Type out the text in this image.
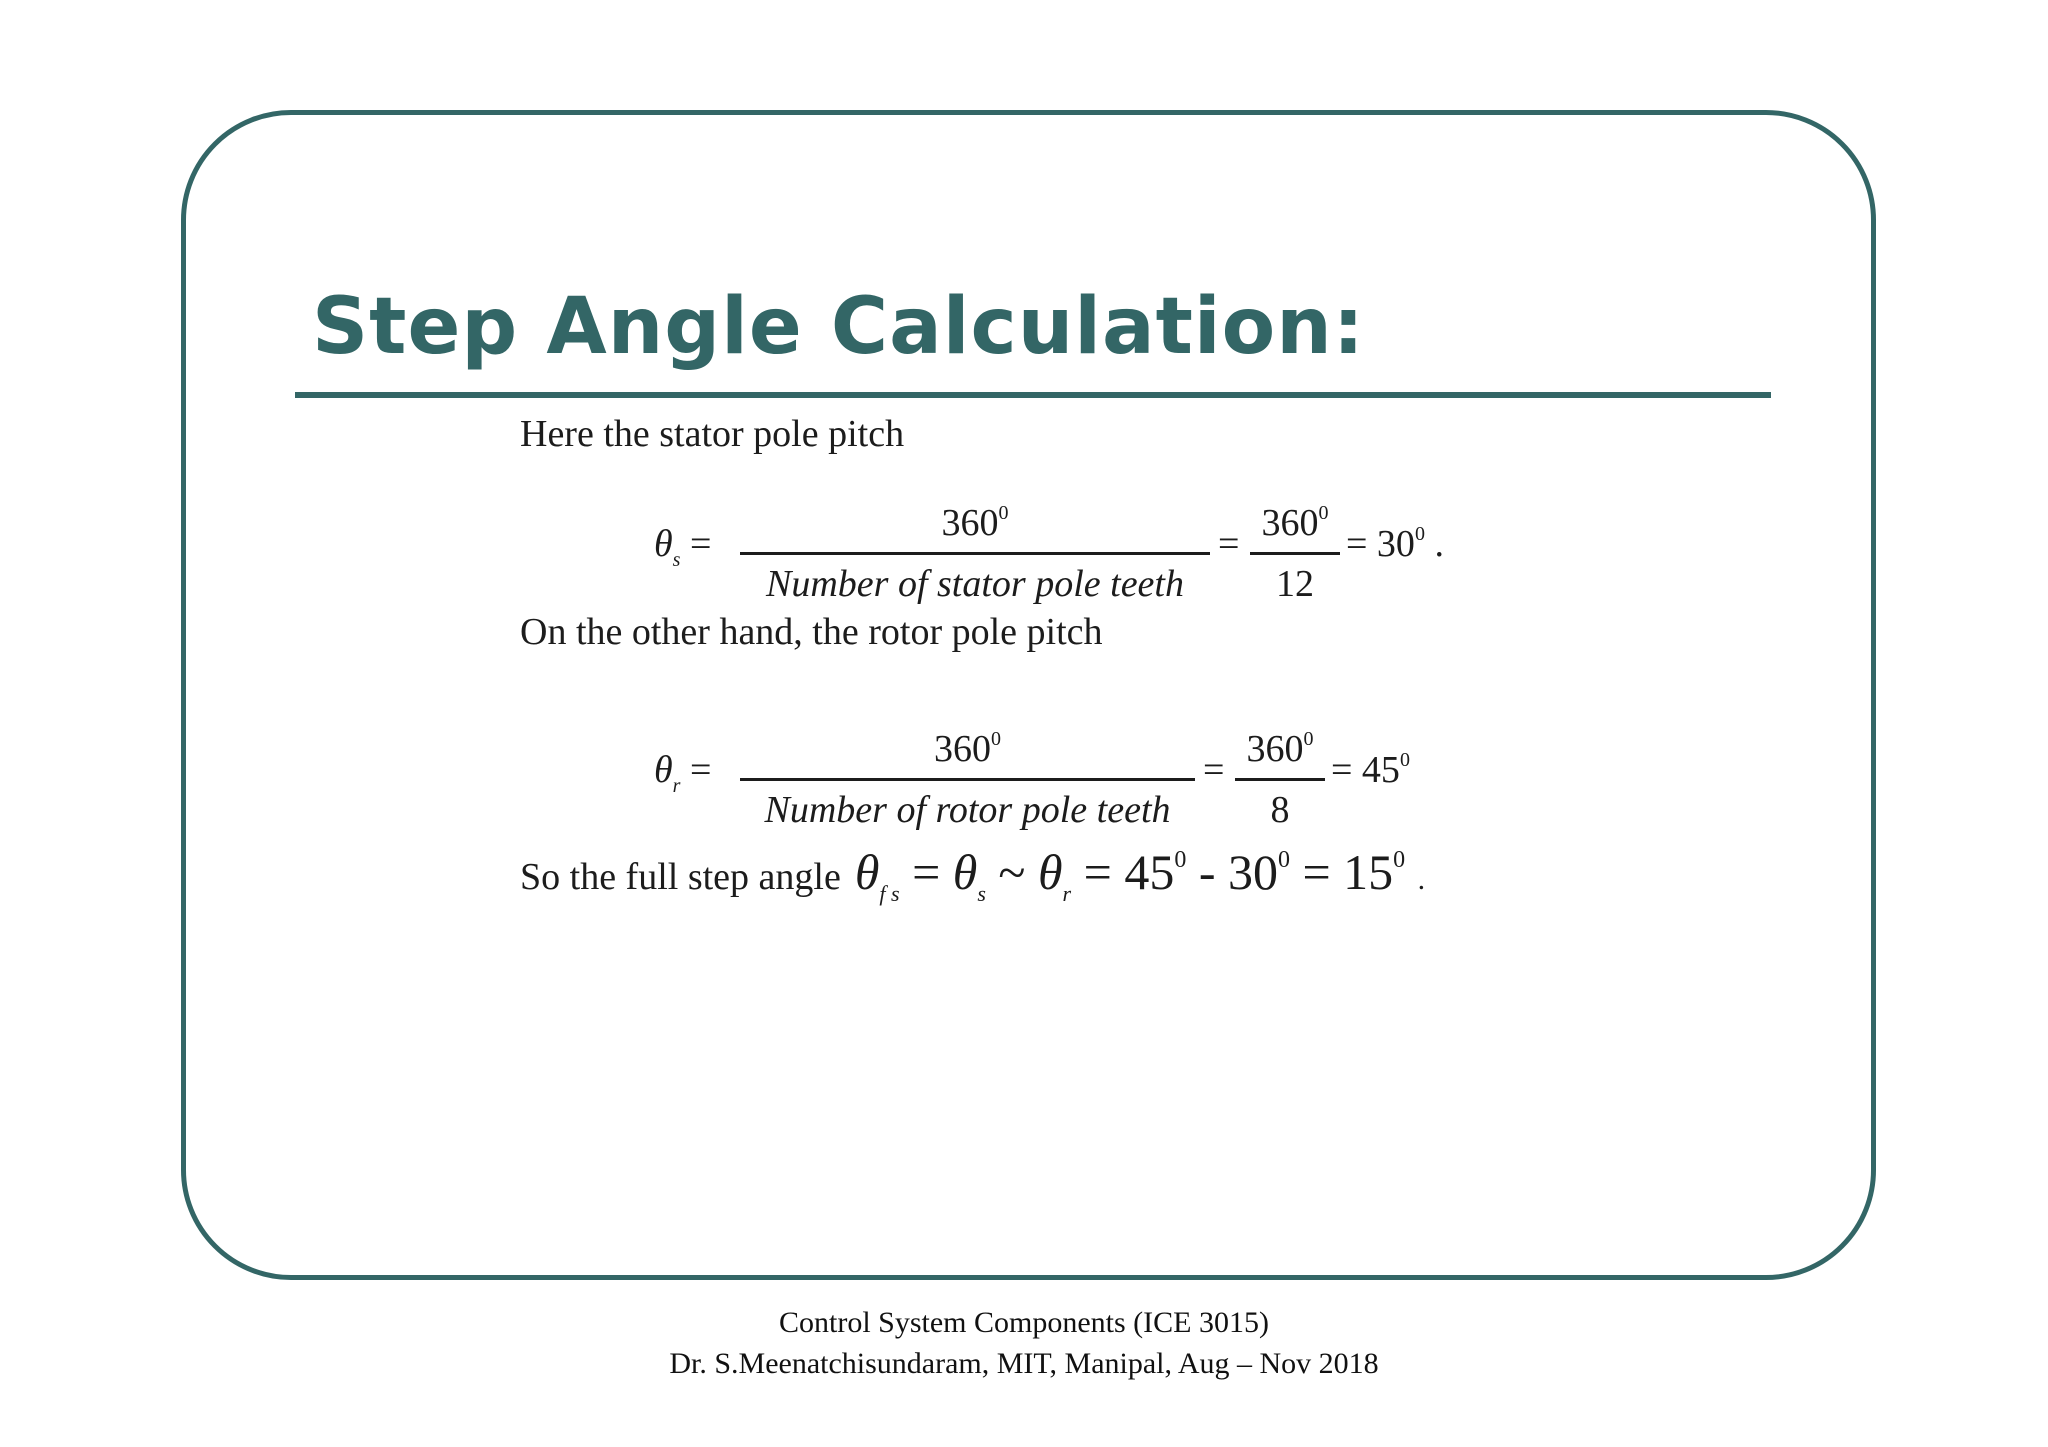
Step Angle Calculation:
Here the stator pole pitch
$\theta_s$ =	$360^0$
Number of stator pole teeth
= $360^0$
12
= $30^0$ .
On the other hand, the rotor pole pitch
$\theta_r$ =	$360^0$
Number of rotor pole teeth
= $360^0$
8
= $45^0$
So the full step angle $\theta_{f s} = \theta_s$ ~ $\theta_r = 45^0 - 30^0 = 15^0$ .
Control System Components (ICE 3015)
Dr. S.Meenatchisundaram, MIT, Manipal, Aug – Nov 2018
